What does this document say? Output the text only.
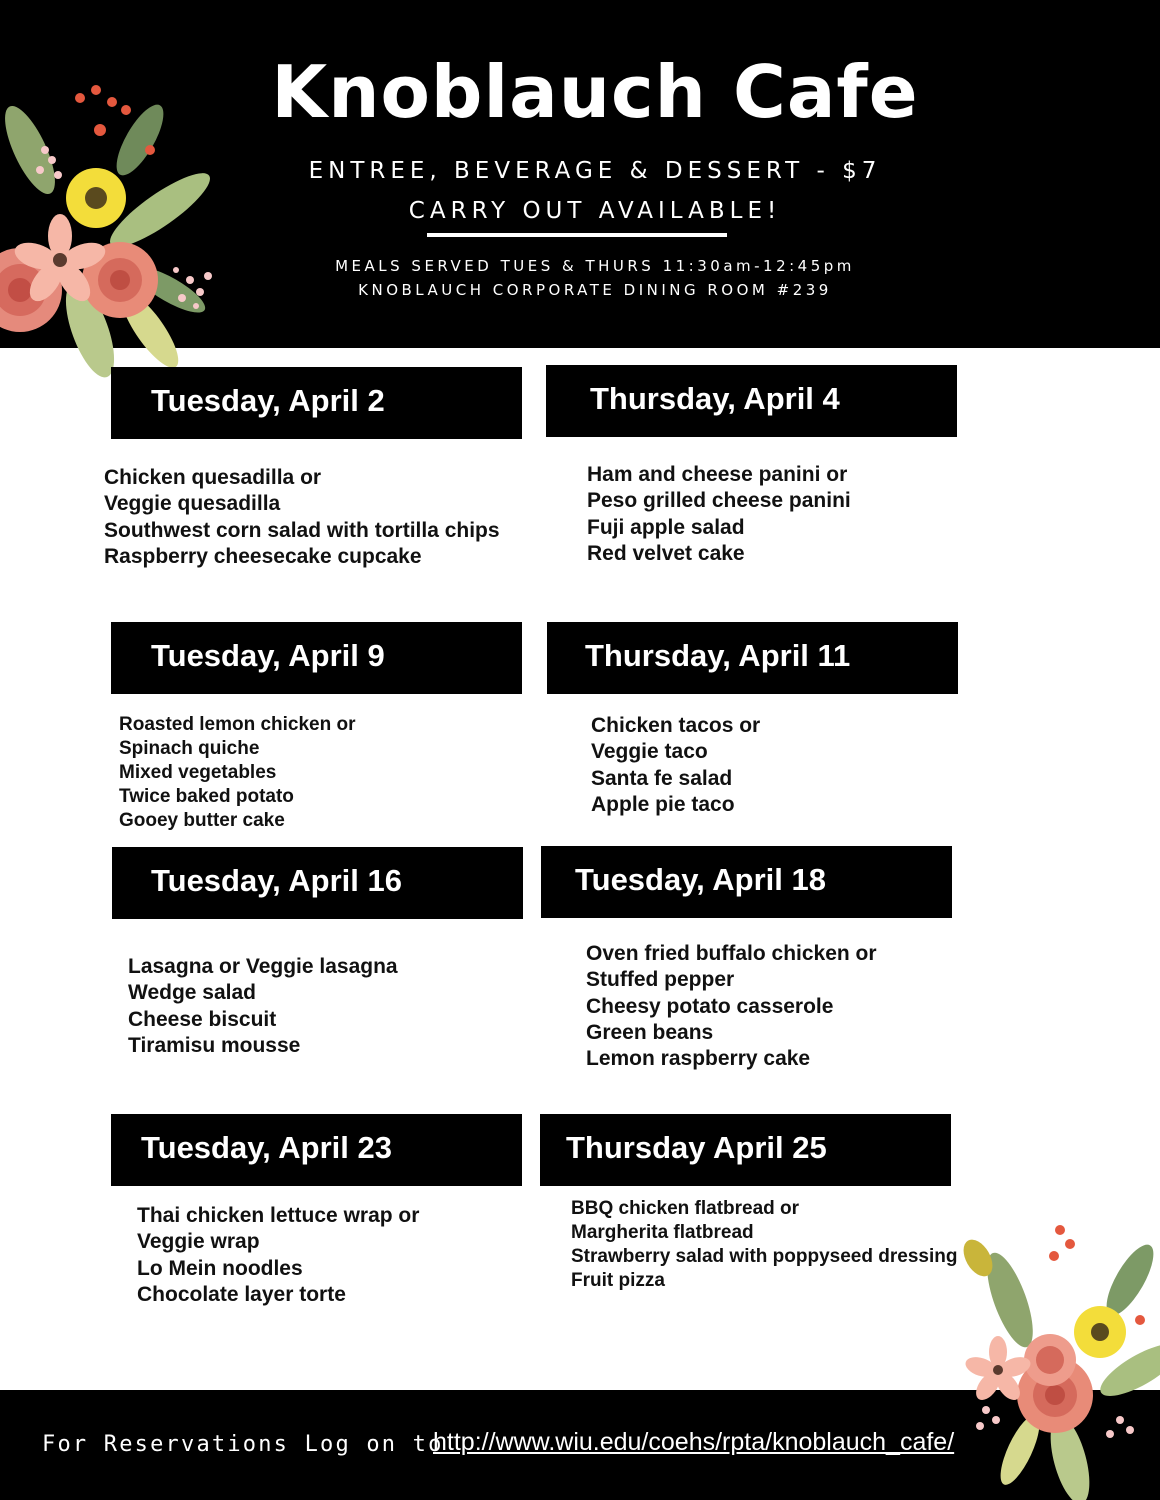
Knoblauch Cafe
ENTREE, BEVERAGE & DESSERT - $7
CARRY OUT AVAILABLE!
MEALS SERVED TUES & THURS 11:30am-12:45pm
KNOBLAUCH CORPORATE DINING ROOM #239
Tuesday, April 2
Chicken quesadilla or
Veggie quesadilla
Southwest corn salad with tortilla chips
Raspberry cheesecake cupcake
Thursday, April 4
Ham and cheese panini or
Peso grilled cheese panini
Fuji apple salad
Red velvet cake
Tuesday, April 9
Roasted lemon chicken or
Spinach quiche
Mixed vegetables
Twice baked potato
Gooey butter cake
Thursday, April 11
Chicken tacos or
Veggie taco
Santa fe salad
Apple pie taco
Tuesday, April 16
Lasagna or Veggie lasagna
Wedge salad
Cheese biscuit
Tiramisu mousse
Tuesday, April 18
Oven fried buffalo chicken or
Stuffed pepper
Cheesy potato casserole
Green beans
Lemon raspberry cake
Tuesday, April 23
Thai chicken lettuce wrap or
Veggie wrap
Lo Mein noodles
Chocolate layer torte
Thursday April 25
BBQ chicken flatbread or
Margherita flatbread
Strawberry salad with poppyseed dressing
Fruit pizza
For Reservations Log on to
http://www.wiu.edu/coehs/rpta/knoblauch_cafe/
